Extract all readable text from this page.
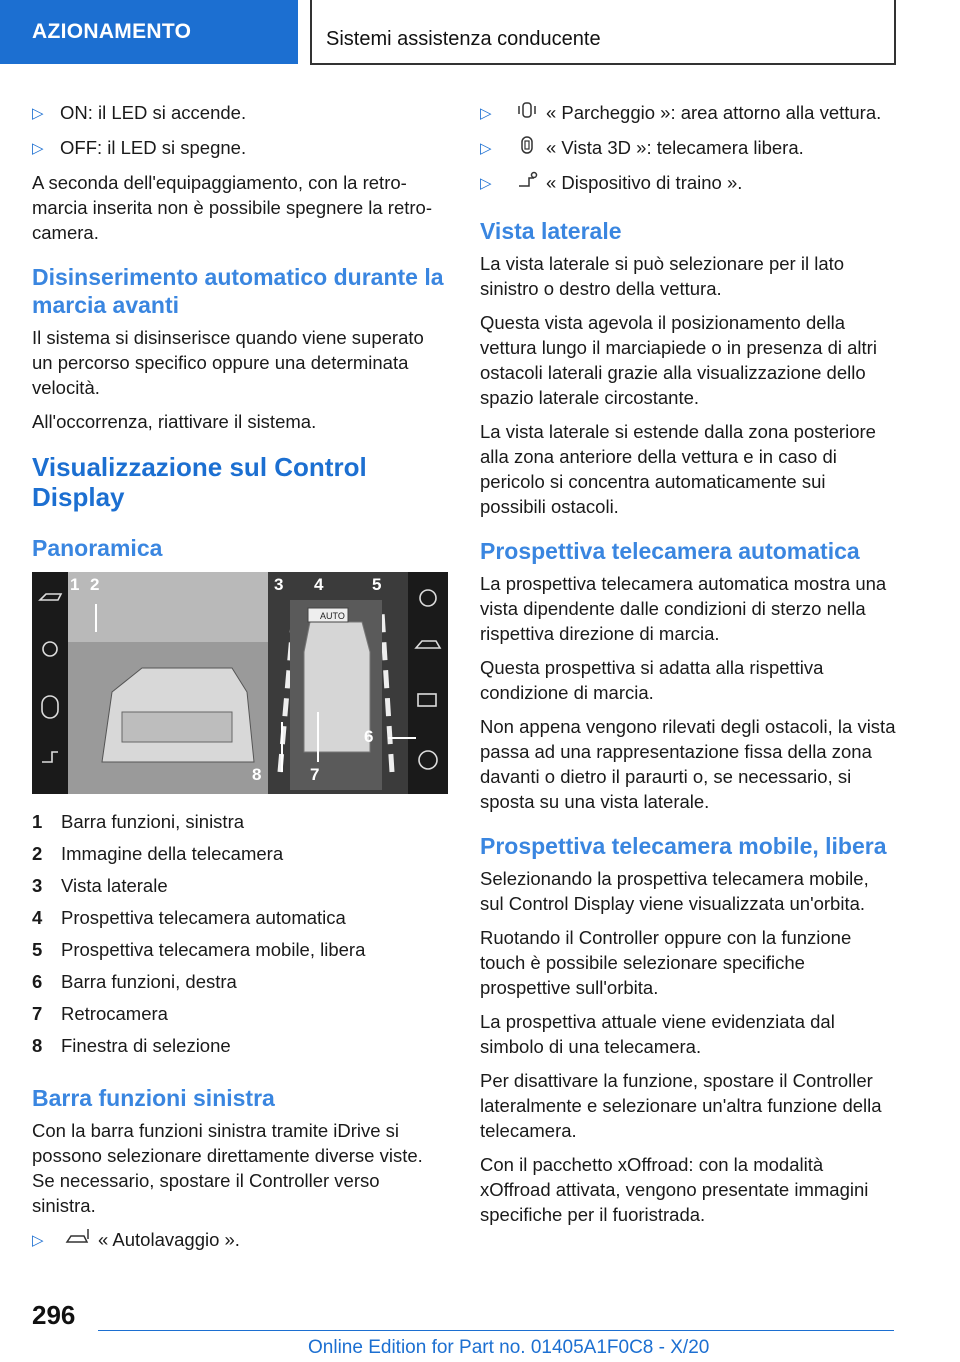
AZIONAMENTO	Sistemi assistenza conducente
▷ ON: il LED si accende.
▷ OFF: il LED si spegne.

A seconda dell'equipaggiamento, con la retro-marcia inserita non è possibile spegnere la retro-camera.

Disinserimento automatico durante la marcia avanti

Il sistema si disinserisce quando viene superato un percorso specifico oppure una determinata velocità.

All'occorrenza, riattivare il sistema.

Visualizzazione sul Control Display
Panoramica
AUTO
1 2	3 4	5
6
7
8
1	Barra funzioni, sinistra
2	Immagine della telecamera
3	Vista laterale
4	Prospettiva telecamera automatica
5	Prospettiva telecamera mobile, libera
6	Barra funzioni, destra
7	Retrocamera
8	Finestra di selezione
Barra funzioni sinistra

Con la barra funzioni sinistra tramite iDrive si possono selezionare direttamente diverse viste. Se necessario, spostare il Controller verso sinistra.

▷	« Autolavaggio ».
▷	« Parcheggio »: area attorno alla vettura.
▷	« Vista 3D »: telecamera libera.
▷	« Dispositivo di traino ».
Vista laterale

La vista laterale si può selezionare per il lato sinistro o destro della vettura.

Questa vista agevola il posizionamento della vettura lungo il marciapiede o in presenza di altri ostacoli laterali grazie alla visualizzazione dello spazio laterale circostante.

La vista laterale si estende dalla zona posteriore alla zona anteriore della vettura e in caso di pericolo si concentra automaticamente sui possibili ostacoli.

Prospettiva telecamera automatica

La prospettiva telecamera automatica mostra una vista dipendente dalle condizioni di sterzo nella rispettiva direzione di marcia.

Questa prospettiva si adatta alla rispettiva condizione di marcia.

Non appena vengono rilevati degli ostacoli, la vista passa ad una rappresentazione fissa della zona davanti o dietro il paraurti o, se necessario, si sposta su una vista laterale.

Prospettiva telecamera mobile, libera

Selezionando la prospettiva telecamera mobile, sul Control Display viene visualizzata un'orbita.

Ruotando il Controller oppure con la funzione touch è possibile selezionare specifiche prospettive sull'orbita.

La prospettiva attuale viene evidenziata dal simbolo di una telecamera.

Per disattivare la funzione, spostare il Controller lateralmente e selezionare un'altra funzione della telecamera.

Con il pacchetto xOffroad: con la modalità xOffroad attivata, vengono presentate immagini specifiche per il fuoristrada.

296
Online Edition for Part no. 01405A1F0C8 - X/20
